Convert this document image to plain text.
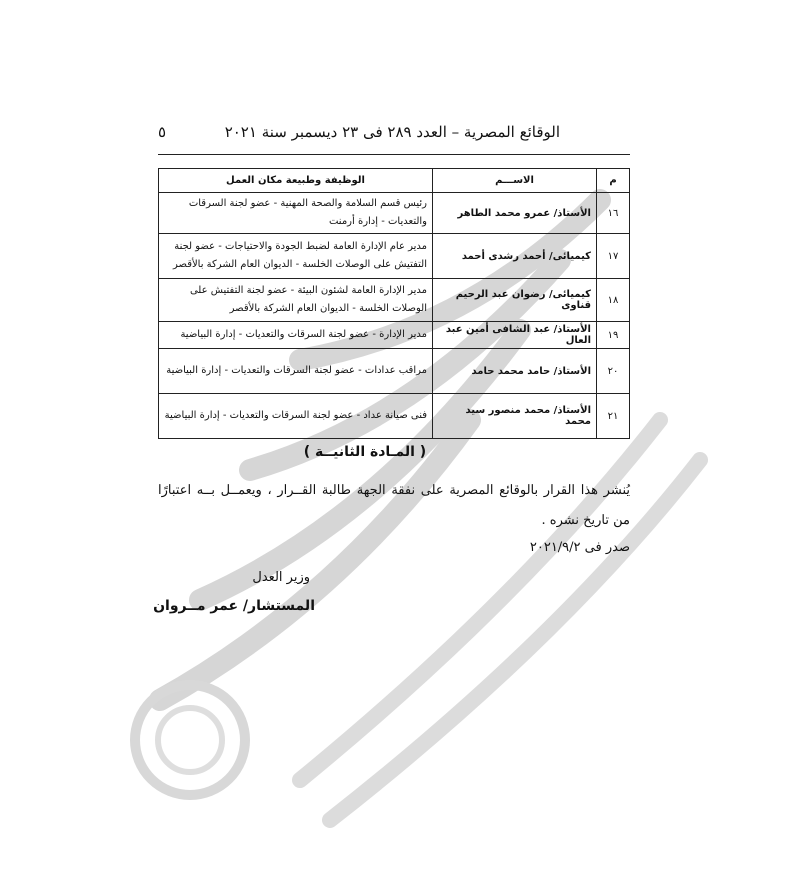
الوقائع المصرية – العدد ٢٨٩ فى ٢٣ ديسمبر سنة ٢٠٢١
٥
م	الاســـم	الوظيفة وطبيعة مكان العمل
١٦	الأستاذ/ عمرو محمد الطاهر	رئيس قسم السلامة والصحة المهنية - عضو لجنة السرقات والتعديات - إدارة أرمنت
١٧	كيميائى/ أحمد رشدى أحمد	مدير عام الإدارة العامة لضبط الجودة والاحتياجات - عضو لجنة التفتيش على الوصلات الخلسة - الديوان العام الشركة بالأقصر
١٨	كيميائى/ رضوان عبد الرحيم قناوى	مدير الإدارة العامة لشئون البيئة - عضو لجنة التفتيش على الوصلات الخلسة - الديوان العام الشركة بالأقصر
١٩	الأستاذ/ عبد الشافى أمين عبد العال	مدير الإدارة - عضو لجنة السرقات والتعديات - إدارة البياضية
٢٠	الأستاذ/ حامد محمد حامد	مراقب عدادات - عضو لجنة السرقات والتعديات - إدارة البياضية
٢١	الأستاذ/ محمد منصور سيد محمد	فنى صيانة عداد - عضو لجنة السرقات والتعديات - إدارة البياضية
( المـادة الثانيــة )
يُنشر هذا القرار بالوقائع المصرية على نفقة الجهة طالبة القــرار ، ويعمــل بــه اعتبارًا من تاريخ نشره .
صدر فى ٢٠٢١/٩/٢
وزير العدل
المستشار/ عمر مــروان
